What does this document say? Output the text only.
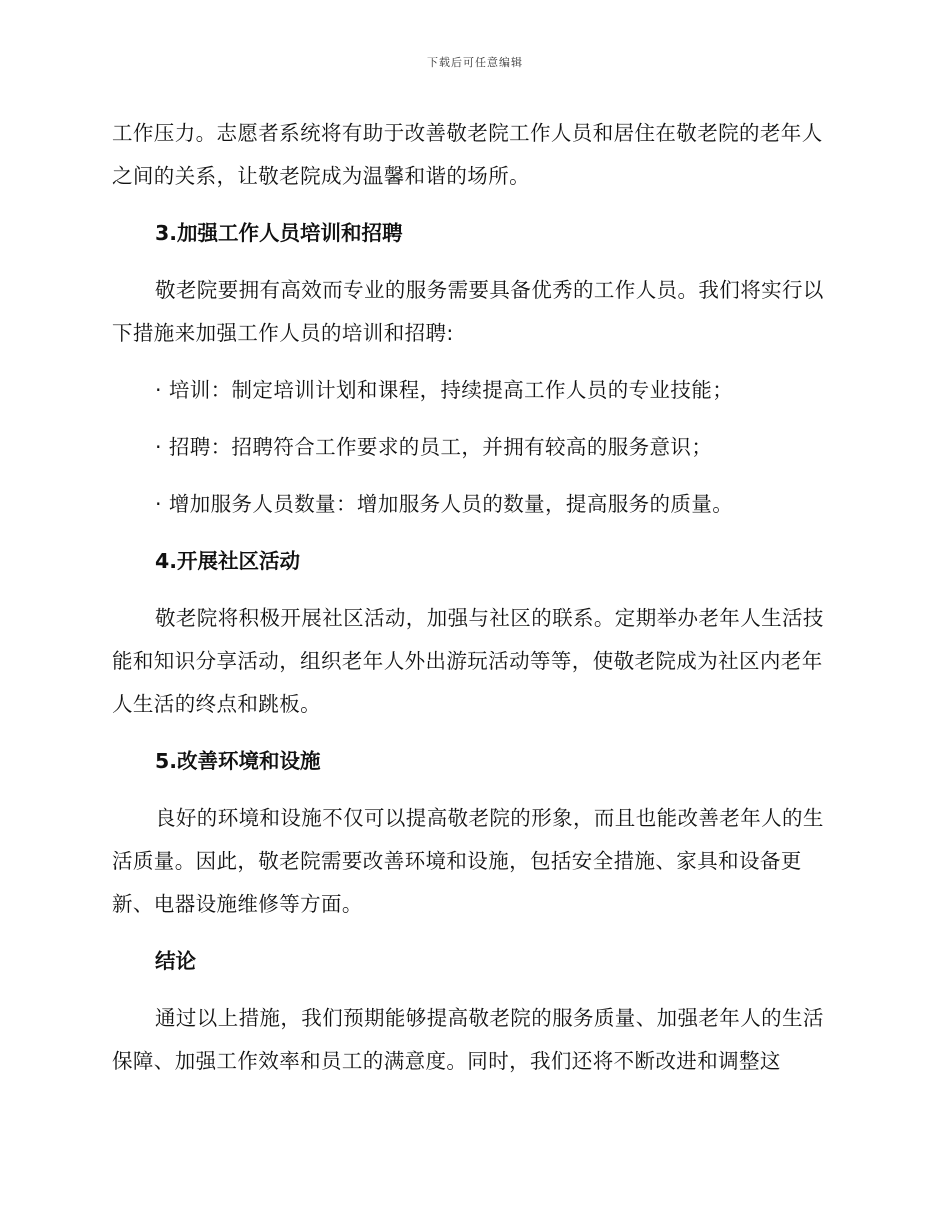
下载后可任意编辑

工作压力。志愿者系统将有助于改善敬老院工作人员和居住在敬老院的老年人之间的关系，让敬老院成为温馨和谐的场所。

3.加强工作人员培训和招聘

敬老院要拥有高效而专业的服务需要具备优秀的工作人员。我们将实行以下措施来加强工作人员的培训和招聘:

· 培训：制定培训计划和课程，持续提高工作人员的专业技能；

· 招聘：招聘符合工作要求的员工，并拥有较高的服务意识；

· 增加服务人员数量：增加服务人员的数量，提高服务的质量。

4.开展社区活动

敬老院将积极开展社区活动，加强与社区的联系。定期举办老年人生活技能和知识分享活动，组织老年人外出游玩活动等等，使敬老院成为社区内老年人生活的终点和跳板。

5.改善环境和设施

良好的环境和设施不仅可以提高敬老院的形象，而且也能改善老年人的生活质量。因此，敬老院需要改善环境和设施，包括安全措施、家具和设备更新、电器设施维修等方面。

结论

通过以上措施，我们预期能够提高敬老院的服务质量、加强老年人的生活保障、加强工作效率和员工的满意度。同时，我们还将不断改进和调整这
